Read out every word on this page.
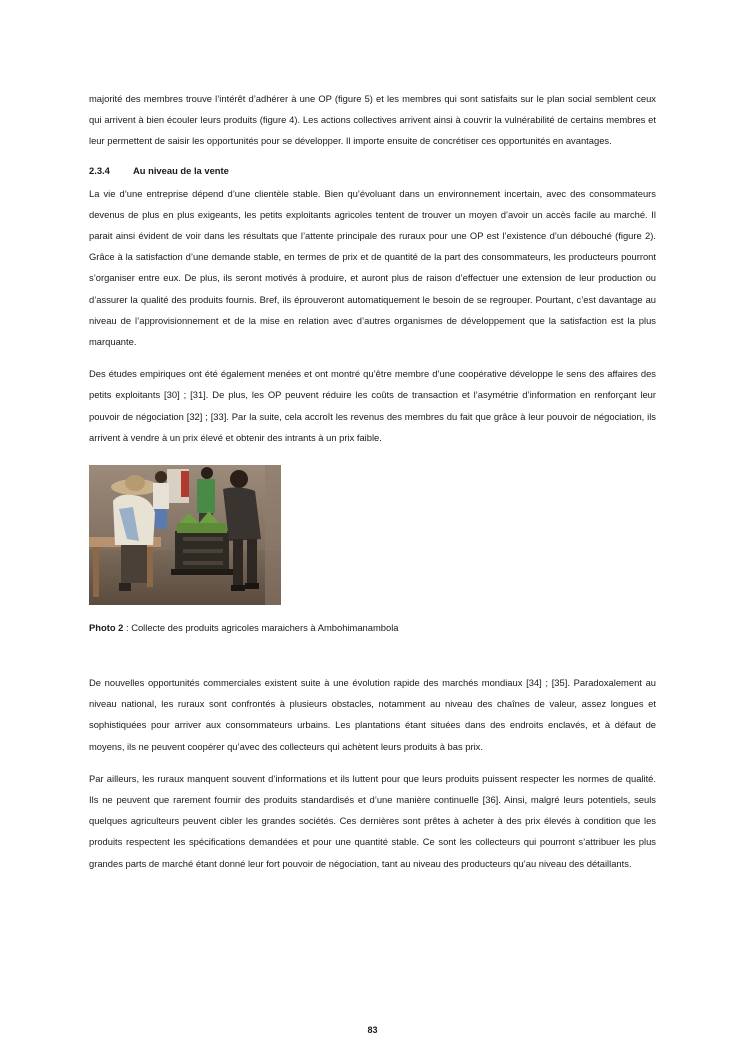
majorité des membres trouve l’intérêt d’adhérer à une OP (figure 5) et les membres qui sont satisfaits sur le plan social semblent ceux qui arrivent à bien écouler leurs produits (figure 4). Les actions collectives arrivent ainsi à couvrir la vulnérabilité de certains membres et leur permettent de saisir les opportunités pour se développer. Il importe ensuite de concrétiser ces opportunités en avantages.

2.3.4	Au niveau de la vente

La vie d’une entreprise dépend d’une clientèle stable. Bien qu’évoluant dans un environnement incertain, avec des consommateurs devenus de plus en plus exigeants, les petits exploitants agricoles tentent de trouver un moyen d’avoir un accès facile au marché. Il parait ainsi évident de voir dans les résultats que l’attente principale des ruraux pour une OP est l’existence d’un débouché (figure 2). Grâce à la satisfaction d’une demande stable, en termes de prix et de quantité de la part des consommateurs, les producteurs pourront s’organiser entre eux. De plus, ils seront motivés à produire, et auront plus de raison d’effectuer une extension de leur production ou d’assurer la qualité des produits fournis. Bref, ils éprouveront automatiquement le besoin de se regrouper. Pourtant, c’est davantage au niveau de l’approvisionnement et de la mise en relation avec d’autres organismes de développement que la satisfaction est la plus marquante.

Des études empiriques ont été également menées et ont montré qu’être membre d’une coopérative développe le sens des affaires des petits exploitants [30] ; [31]. De plus, les OP peuvent réduire les coûts de transaction et l’asymétrie d’information en renforçant leur pouvoir de négociation [32] ; [33]. Par la suite, cela accroît les revenus des membres du fait que grâce à leur pouvoir de négociation, ils arrivent à vendre à un prix élevé et obtenir des intrants à un prix faible.

Photo 2 : Collecte des produits agricoles maraichers à Ambohimanambola

De nouvelles opportunités commerciales existent suite à une évolution rapide des marchés mondiaux [34] ; [35]. Paradoxalement au niveau national, les ruraux sont confrontés à plusieurs obstacles, notamment au niveau des chaînes de valeur, assez longues et sophistiquées pour arriver aux consommateurs urbains. Les plantations étant situées dans des endroits enclavés, et à défaut de moyens, ils ne peuvent coopérer qu’avec des collecteurs qui achètent leurs produits à bas prix.

Par ailleurs, les ruraux manquent souvent d’informations et ils luttent pour que leurs produits puissent respecter les normes de qualité. Ils ne peuvent que rarement fournir des produits standardisés et d’une manière continuelle [36]. Ainsi, malgré leurs potentiels, seuls quelques agriculteurs peuvent cibler les grandes sociétés. Ces dernières sont prêtes à acheter à des prix élevés à condition que les produits respectent les spécifications demandées et pour une quantité stable. Ce sont les collecteurs qui pourront s’attribuer les plus grandes parts de marché étant donné leur fort pouvoir de négociation, tant au niveau des producteurs qu’au niveau des détaillants.

83
